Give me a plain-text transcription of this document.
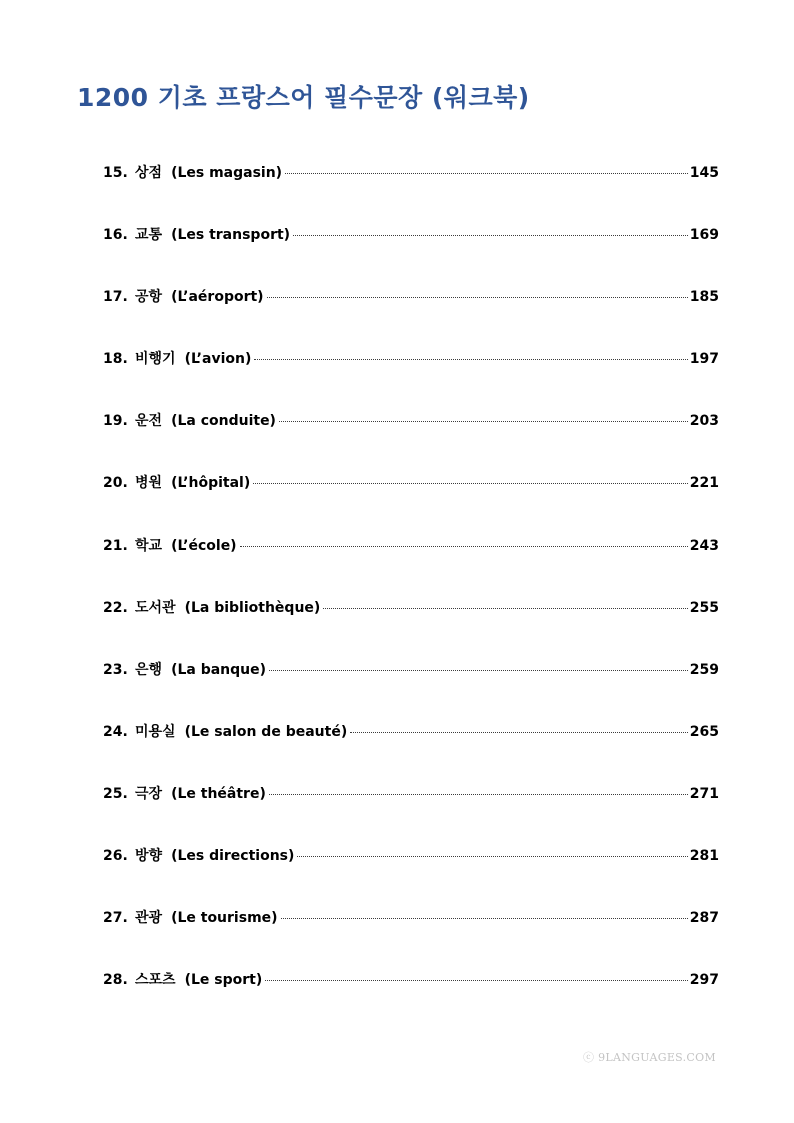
1200 기초 프랑스어 필수문장 (워크북)
15. 상점 (Les magasin)	145
16. 교통 (Les transport)	169
17. 공항 (L’aéroport)	185
18. 비행기 (L’avion)	197
19. 운전 (La conduite)	203
20. 병원 (L’hôpital)	221
21. 학교 (L’école)	243
22. 도서관 (La bibliothèque)	255
23. 은행 (La banque)	259
24. 미용실 (Le salon de beauté)	265
25. 극장 (Le théâtre)	271
26. 방향 (Les directions)	281
27. 관광 (Le tourisme)	287
28. 스포츠 (Le sport)	297
ⓒ 9LANGUAGES.COM
